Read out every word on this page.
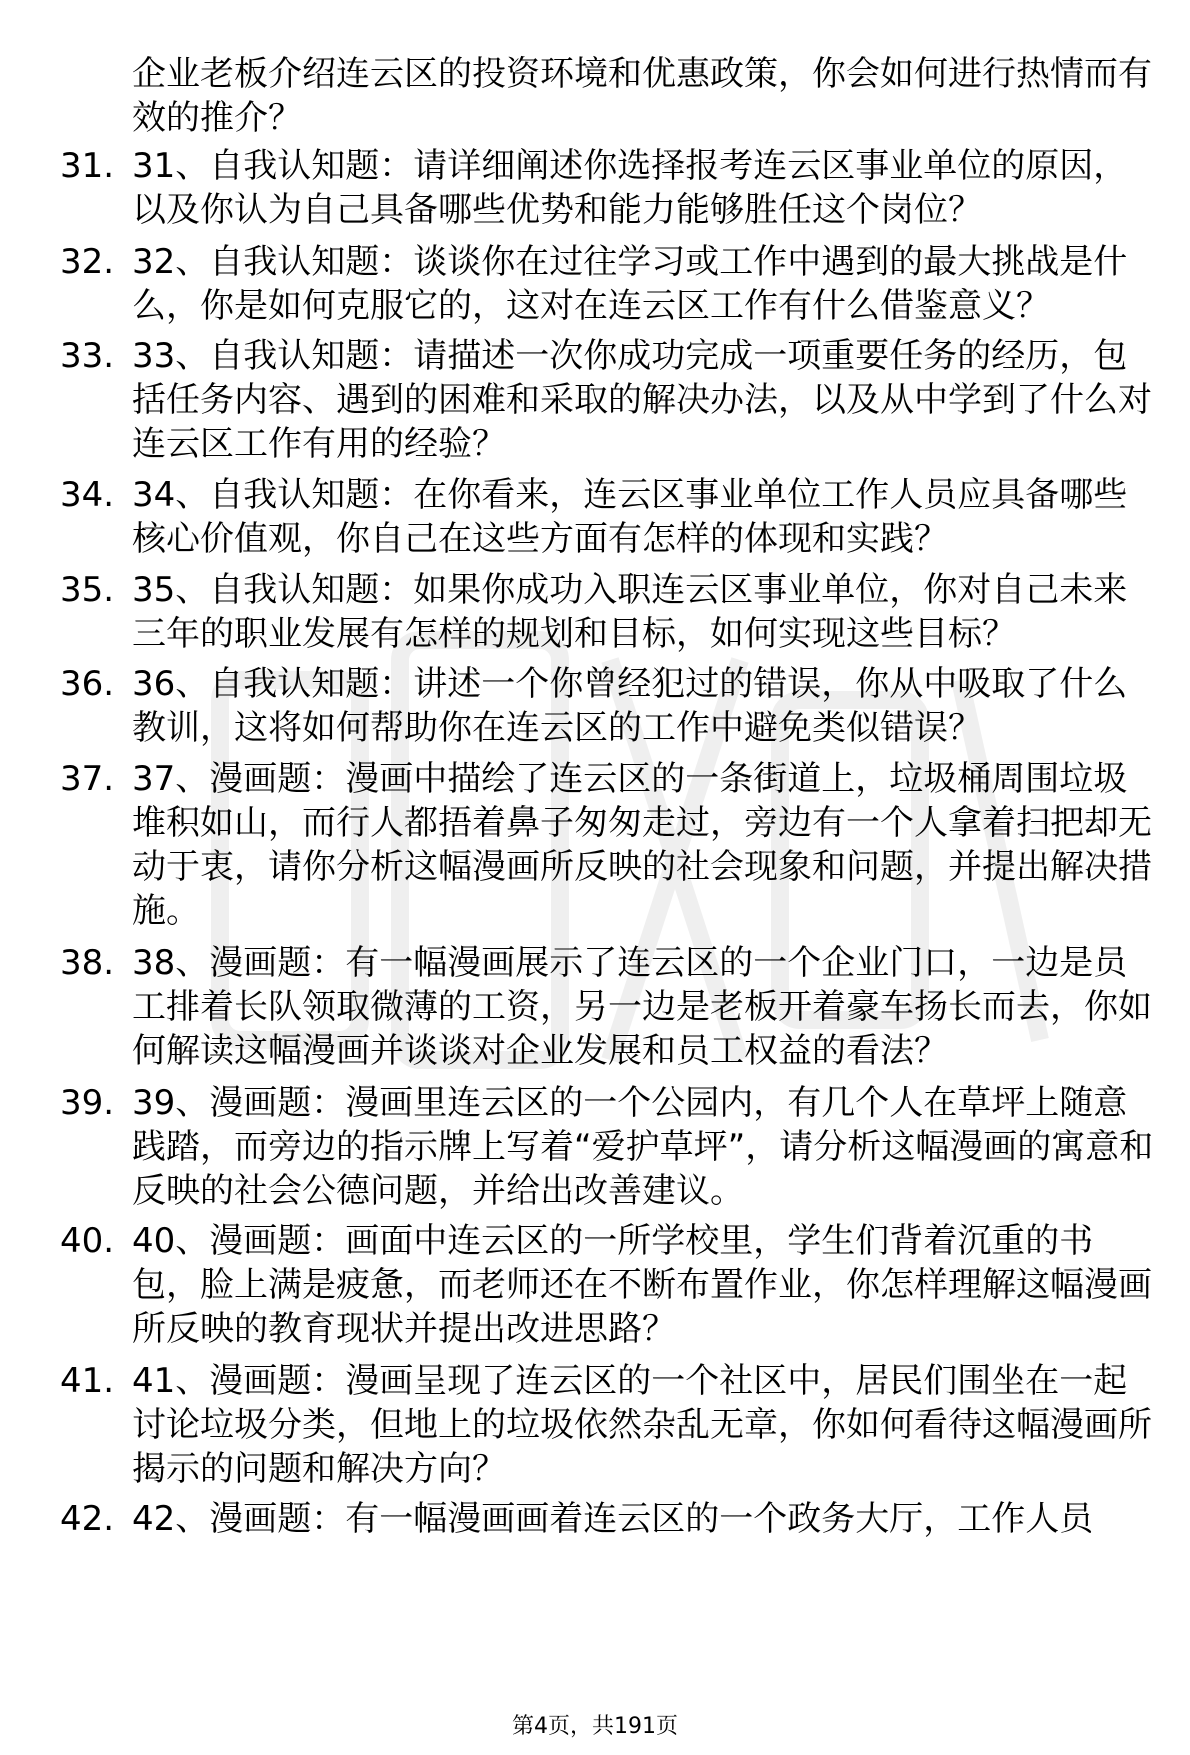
企业老板介绍连云区的投资环境和优惠政策，你会如何进行热情而有效的推介？
31. 31、自我认知题：请详细阐述你选择报考连云区事业单位的原因，以及你认为自己具备哪些优势和能力能够胜任这个岗位？
32. 32、自我认知题：谈谈你在过往学习或工作中遇到的最大挑战是什么，你是如何克服它的，这对在连云区工作有什么借鉴意义？
33. 33、自我认知题：请描述一次你成功完成一项重要任务的经历，包括任务内容、遇到的困难和采取的解决办法，以及从中学到了什么对连云区工作有用的经验？
34. 34、自我认知题：在你看来，连云区事业单位工作人员应具备哪些核心价值观，你自己在这些方面有怎样的体现和实践？
35. 35、自我认知题：如果你成功入职连云区事业单位，你对自己未来三年的职业发展有怎样的规划和目标，如何实现这些目标？
36. 36、自我认知题：讲述一个你曾经犯过的错误，你从中吸取了什么教训，这将如何帮助你在连云区的工作中避免类似错误？
37. 37、漫画题：漫画中描绘了连云区的一条街道上，垃圾桶周围垃圾堆积如山，而行人都捂着鼻子匆匆走过，旁边有一个人拿着扫把却无动于衷，请你分析这幅漫画所反映的社会现象和问题，并提出解决措施。
38. 38、漫画题：有一幅漫画展示了连云区的一个企业门口，一边是员工排着长队领取微薄的工资，另一边是老板开着豪车扬长而去，你如何解读这幅漫画并谈谈对企业发展和员工权益的看法？
39. 39、漫画题：漫画里连云区的一个公园内，有几个人在草坪上随意践踏，而旁边的指示牌上写着“爱护草坪”，请分析这幅漫画的寓意和反映的社会公德问题，并给出改善建议。
40. 40、漫画题：画面中连云区的一所学校里，学生们背着沉重的书包，脸上满是疲惫，而老师还在不断布置作业，你怎样理解这幅漫画所反映的教育现状并提出改进思路？
41. 41、漫画题：漫画呈现了连云区的一个社区中，居民们围坐在一起讨论垃圾分类，但地上的垃圾依然杂乱无章，你如何看待这幅漫画所揭示的问题和解决方向？
42. 42、漫画题：有一幅漫画画着连云区的一个政务大厅，工作人员
第4页，共191页
